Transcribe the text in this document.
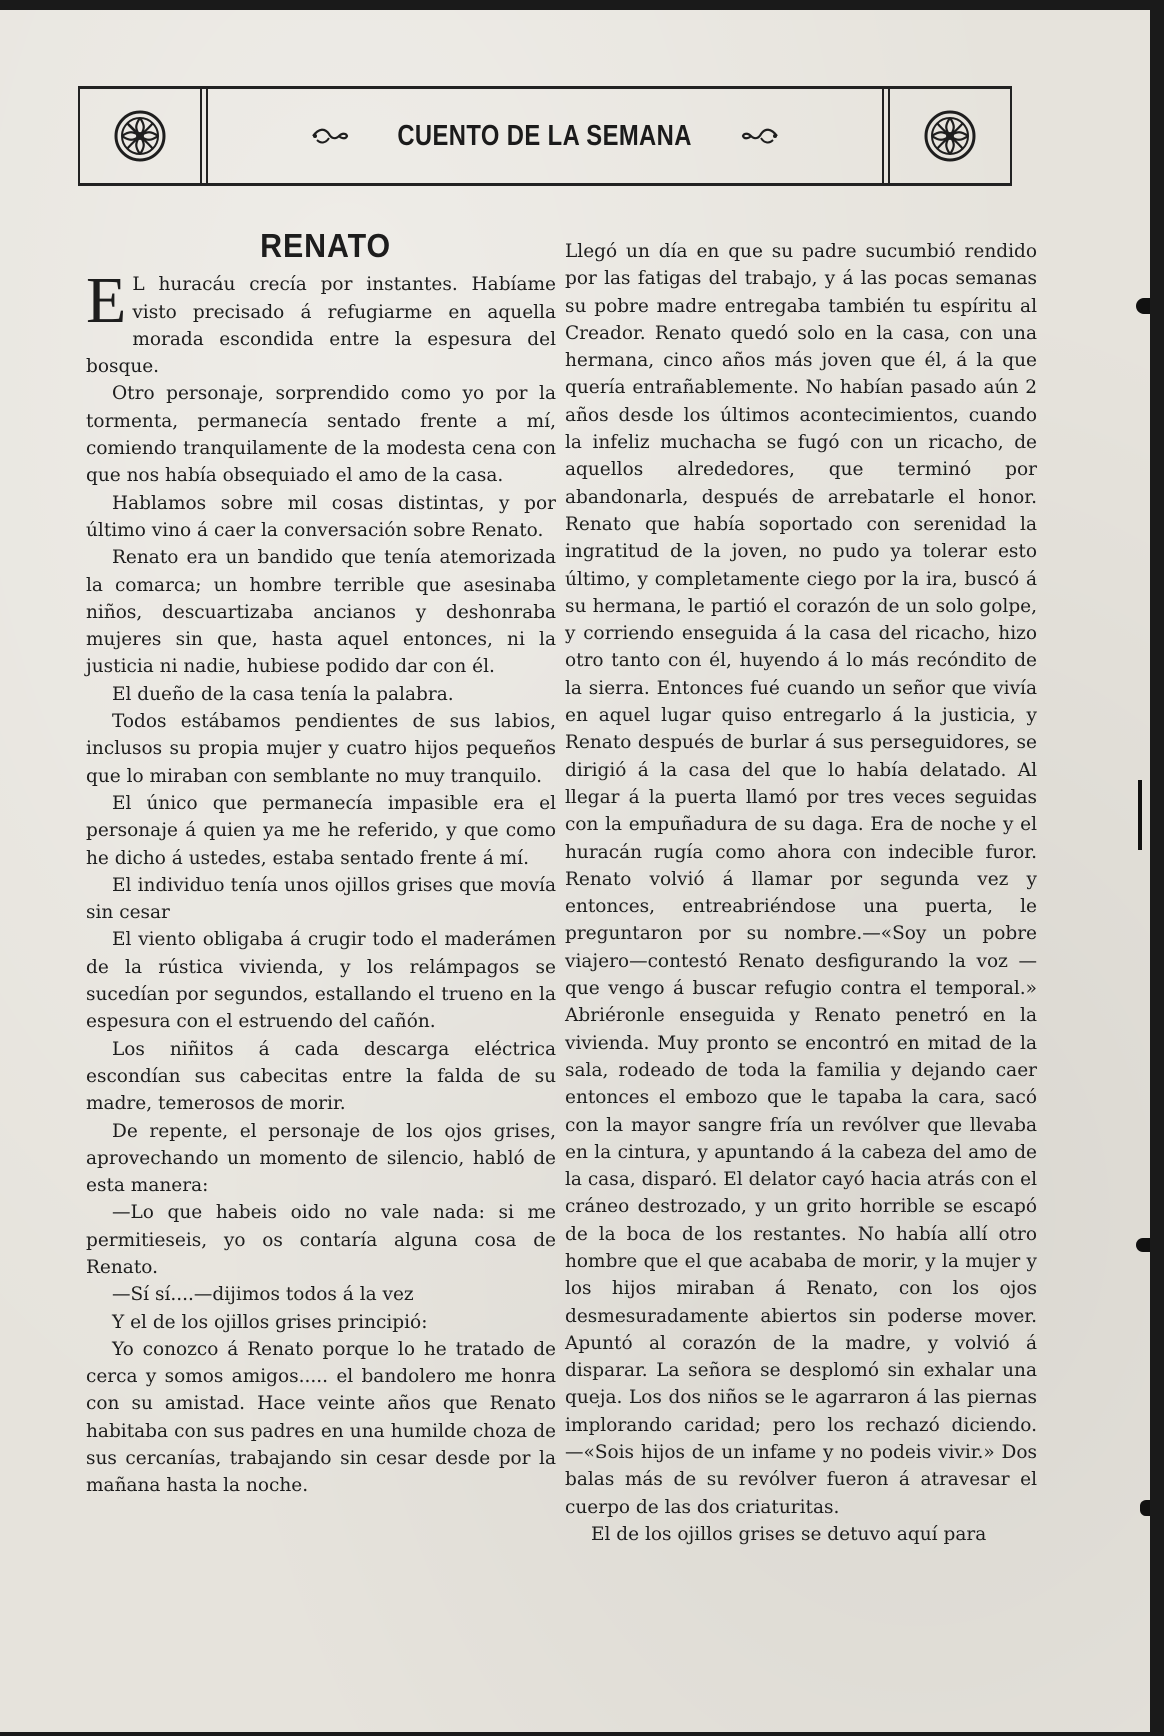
CUENTO DE LA SEMANA
RENATO

E L huracáu crecía por instantes. Habíame visto precisado á refugiarme en aquella morada escondida entre la espesura del bosque.

Otro personaje, sorprendido como yo por la tormenta, permanecía sentado frente a mí, comiendo tranquilamente de la modesta cena con que nos había obsequiado el amo de la casa.

Hablamos sobre mil cosas distintas, y por último vino á caer la conversación sobre Renato.

Renato era un bandido que tenía atemorizada la comarca; un hombre terrible que asesinaba niños, descuartizaba ancianos y deshonraba mujeres sin que, hasta aquel entonces, ni la justicia ni nadie, hubiese podido dar con él.

El dueño de la casa tenía la palabra.

Todos estábamos pendientes de sus labios, inclusos su propia mujer y cuatro hijos pequeños que lo miraban con semblante no muy tranquilo.

El único que permanecía impasible era el personaje á quien ya me he referido, y que como he dicho á ustedes, estaba sentado frente á mí.

El individuo tenía unos ojillos grises que movía sin cesar

El viento obligaba á crugir todo el maderámen de la rústica vivienda, y los relámpagos se sucedían por segundos, estallando el trueno en la espesura con el estruendo del cañón.

Los niñitos á cada descarga eléctrica escondían sus cabecitas entre la falda de su madre, temerosos de morir.

De repente, el personaje de los ojos grises, aprovechando un momento de silencio, habló de esta manera:

—Lo que habeis oido no vale nada: si me permitieseis, yo os contaría alguna cosa de Renato.

—Sí sí....—dijimos todos á la vez

Y el de los ojillos grises principió:

Yo conozco á Renato porque lo he tratado de cerca y somos amigos..... el bandolero me honra con su amistad. Hace veinte años que Renato habitaba con sus padres en una humilde choza de sus cercanías, trabajando sin cesar desde por la mañana hasta la noche.

Llegó un día en que su padre sucumbió rendido por las fatigas del trabajo, y á las pocas semanas su pobre madre entregaba también tu espíritu al Creador. Renato quedó solo en la casa, con una hermana, cinco años más joven que él, á la que quería entrañablemente. No habían pasado aún 2 años desde los últimos acontecimientos, cuando la infeliz muchacha se fugó con un ricacho, de aquellos alrededores, que terminó por abandonarla, después de arrebatarle el honor. Renato que había soportado con serenidad la ingratitud de la joven, no pudo ya tolerar esto último, y completamente ciego por la ira, buscó á su hermana, le partió el corazón de un solo golpe, y corriendo enseguida á la casa del ricacho, hizo otro tanto con él, huyendo á lo más recóndito de la sierra. Entonces fué cuando un señor que vivía en aquel lugar quiso entregarlo á la justicia, y Renato después de burlar á sus perseguidores, se dirigió á la casa del que lo había delatado. Al llegar á la puerta llamó por tres veces seguidas con la empuñadura de su daga. Era de noche y el huracán rugía como ahora con indecible furor. Renato volvió á llamar por segunda vez y entonces, entreabriéndose una puerta, le preguntaron por su nombre.—«Soy un pobre viajero—contestó Renato desfigurando la voz —que vengo á buscar refugio contra el temporal.» Abriéronle enseguida y Renato penetró en la vivienda. Muy pronto se encontró en mitad de la sala, rodeado de toda la familia y dejando caer entonces el embozo que le tapaba la cara, sacó con la mayor sangre fría un revólver que llevaba en la cintura, y apuntando á la cabeza del amo de la casa, disparó. El delator cayó hacia atrás con el cráneo destrozado, y un grito horrible se escapó de la boca de los restantes. No había allí otro hombre que el que acababa de morir, y la mujer y los hijos miraban á Renato, con los ojos desmesuradamente abiertos sin poderse mover. Apuntó al corazón de la madre, y volvió á disparar. La señora se desplomó sin exhalar una queja. Los dos niños se le agarraron á las piernas implorando caridad; pero los rechazó diciendo.—«Sois hijos de un infame y no podeis vivir.» Dos balas más de su revólver fueron á atravesar el cuerpo de las dos criaturitas.

El de los ojillos grises se detuvo aquí para
